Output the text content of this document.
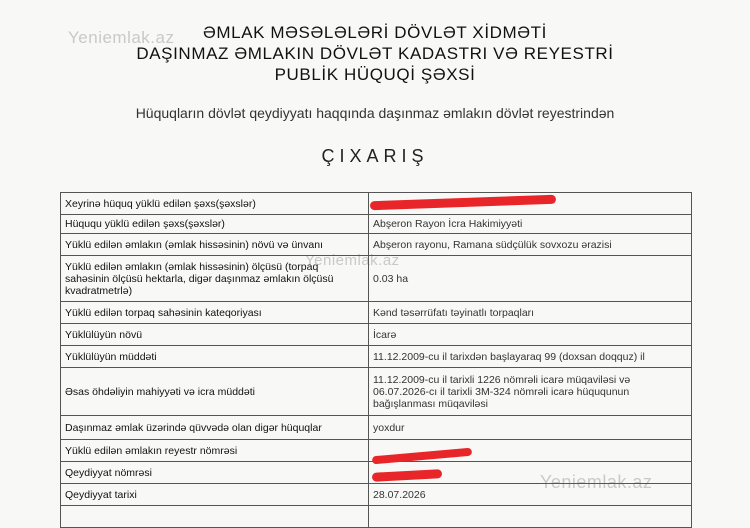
Yeniemlak.az
Yeniemlak.az
Yeniemlak.az
ƏMLAK MƏSƏLƏLƏRİ DÖVLƏT XİDMƏTİ
DAŞINMAZ ƏMLAKIN DÖVLƏT KADASTRI VƏ REYESTRİ
PUBLİK HÜQUQİ ŞƏXSİ
Hüquqların dövlət qeydiyyatı haqqında daşınmaz əmlakın dövlət reyestrindən
ÇIXARIŞ
Xeyrinə hüquq yüklü edilən şəxs(şəxslər)	
Hüququ yüklü edilən şəxs(şəxslər)	Abşeron Rayon İcra Hakimiyyəti
Yüklü edilən əmlakın (əmlak hissəsinin) növü və ünvanı	Abşeron rayonu, Ramana südçülük sovxozu ərazisi
Yüklü edilən əmlakın (əmlak hissəsinin) ölçüsü (torpaq sahəsinin ölçüsü hektarla, digər daşınmaz əmlakın ölçüsü kvadratmetrlə)	0.03 ha
Yüklü edilən torpaq sahəsinin kateqoriyası	Kənd təsərrüfatı təyinatlı torpaqları
Yüklülüyün növü	İcarə
Yüklülüyün müddəti	11.12.2009-cu il tarixdən başlayaraq 99 (doxsan doqquz) il
Əsas öhdəliyin mahiyyəti və icra müddəti	11.12.2009-cu il tarixli 1226 nömrəli icarə müqaviləsi və 06.07.2026-cı il tarixli 3M-324 nömrəli icarə hüququnun bağışlanması müqaviləsi
Daşınmaz əmlak üzərində qüvvədə olan digər hüquqlar	yoxdur
Yüklü edilən əmlakın reyestr nömrəsi	
Qeydiyyat nömrəsi	
Qeydiyyat tarixi	28.07.2026
